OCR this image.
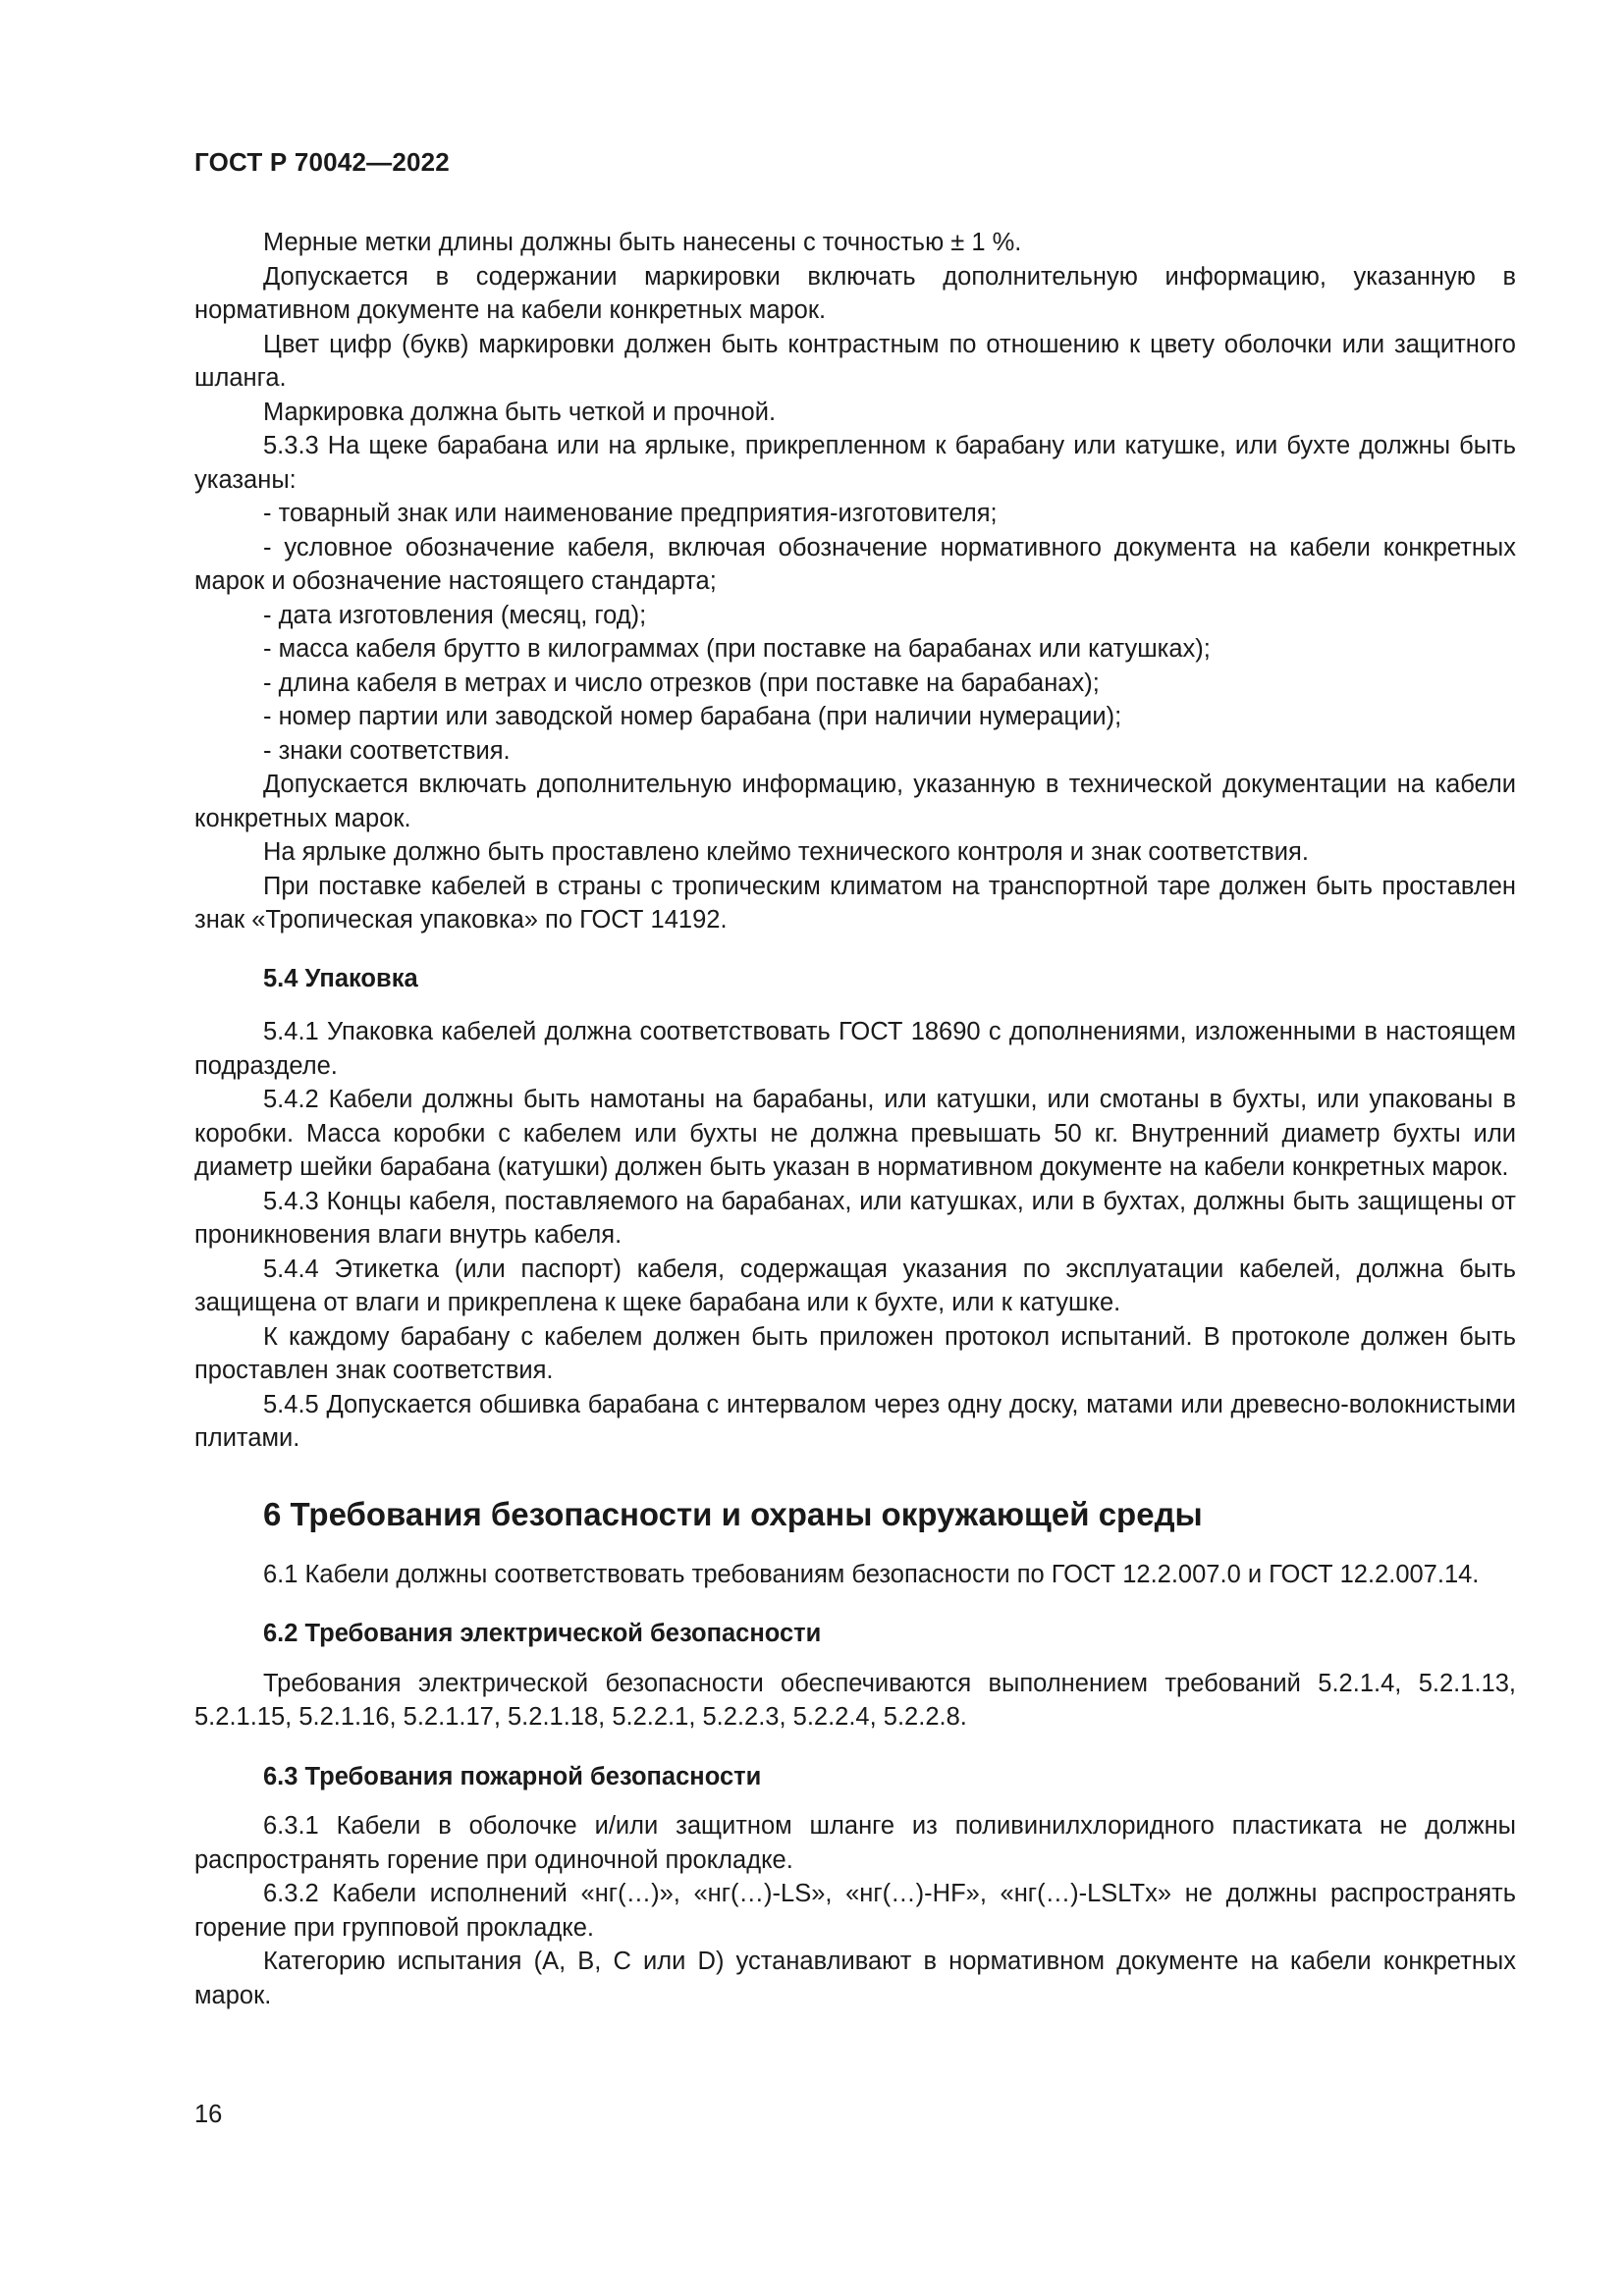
ГОСТ Р 70042—2022

Мерные метки длины должны быть нанесены с точностью ± 1 %.

Допускается в содержании маркировки включать дополнительную информацию, указанную в нормативном документе на кабели конкретных марок.

Цвет цифр (букв) маркировки должен быть контрастным по отношению к цвету оболочки или защитного шланга.

Маркировка должна быть четкой и прочной.

5.3.3 На щеке барабана или на ярлыке, прикрепленном к барабану или катушке, или бухте должны быть указаны:

- товарный знак или наименование предприятия-изготовителя;

- условное обозначение кабеля, включая обозначение нормативного документа на кабели конкретных марок и обозначение настоящего стандарта;

- дата изготовления (месяц, год);

- масса кабеля брутто в килограммах (при поставке на барабанах или катушках);

- длина кабеля в метрах и число отрезков (при поставке на барабанах);

- номер партии или заводской номер барабана (при наличии нумерации);

- знаки соответствия.

Допускается включать дополнительную информацию, указанную в технической документации на кабели конкретных марок.

На ярлыке должно быть проставлено клеймо технического контроля и знак соответствия.

При поставке кабелей в страны с тропическим климатом на транспортной таре должен быть проставлен знак «Тропическая упаковка» по ГОСТ 14192.

5.4 Упаковка

5.4.1 Упаковка кабелей должна соответствовать ГОСТ 18690 с дополнениями, изложенными в настоящем подразделе.

5.4.2 Кабели должны быть намотаны на барабаны, или катушки, или смотаны в бухты, или упакованы в коробки. Масса коробки с кабелем или бухты не должна превышать 50 кг. Внутренний диаметр бухты или диаметр шейки барабана (катушки) должен быть указан в нормативном документе на кабели конкретных марок.

5.4.3 Концы кабеля, поставляемого на барабанах, или катушках, или в бухтах, должны быть защищены от проникновения влаги внутрь кабеля.

5.4.4 Этикетка (или паспорт) кабеля, содержащая указания по эксплуатации кабелей, должна быть защищена от влаги и прикреплена к щеке барабана или к бухте, или к катушке.

К каждому барабану с кабелем должен быть приложен протокол испытаний. В протоколе должен быть проставлен знак соответствия.

5.4.5 Допускается обшивка барабана с интервалом через одну доску, матами или древесно-волокнистыми плитами.

6 Требования безопасности и охраны окружающей среды

6.1 Кабели должны соответствовать требованиям безопасности по ГОСТ 12.2.007.0 и ГОСТ 12.2.007.14.

6.2 Требования электрической безопасности

Требования электрической безопасности обеспечиваются выполнением требований 5.2.1.4, 5.2.1.13, 5.2.1.15, 5.2.1.16, 5.2.1.17, 5.2.1.18, 5.2.2.1, 5.2.2.3, 5.2.2.4, 5.2.2.8.

6.3 Требования пожарной безопасности

6.3.1 Кабели в оболочке и/или защитном шланге из поливинилхлоридного пластиката не должны распространять горение при одиночной прокладке.

6.3.2 Кабели исполнений «нг(…)», «нг(…)-LS», «нг(…)-HF», «нг(…)-LSLTx» не должны распространять горение при групповой прокладке.

Категорию испытания (А, В, С или D) устанавливают в нормативном документе на кабели конкретных марок.

16
